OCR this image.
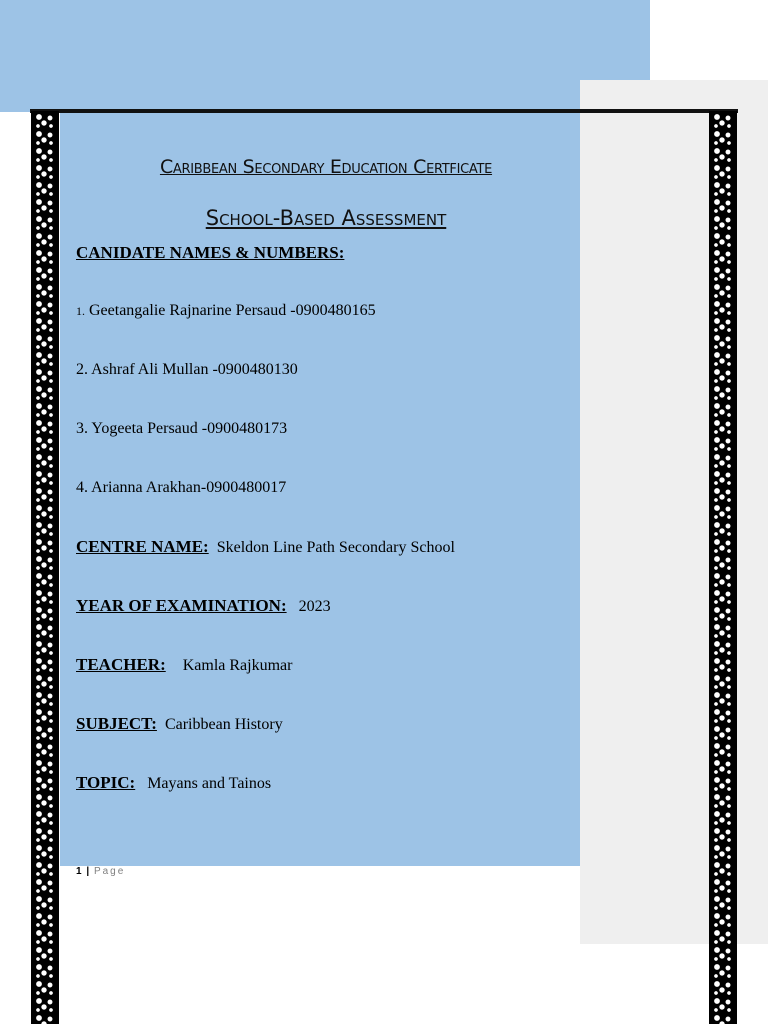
Caribbean Secondary Education Certficate
School-Based Assessment
CANIDATE NAMES & NUMBERS:
1. Geetangalie Rajnarine Persaud -0900480165
2. Ashraf Ali Mullan -0900480130
3. Yogeeta Persaud -0900480173
4. Arianna Arakhan-0900480017
CENTRE NAME: Skeldon Line Path Secondary School
YEAR OF EXAMINATION: 2023
TEACHER: Kamla Rajkumar
SUBJECT: Caribbean History
TOPIC: Mayans and Tainos
1 | Page
